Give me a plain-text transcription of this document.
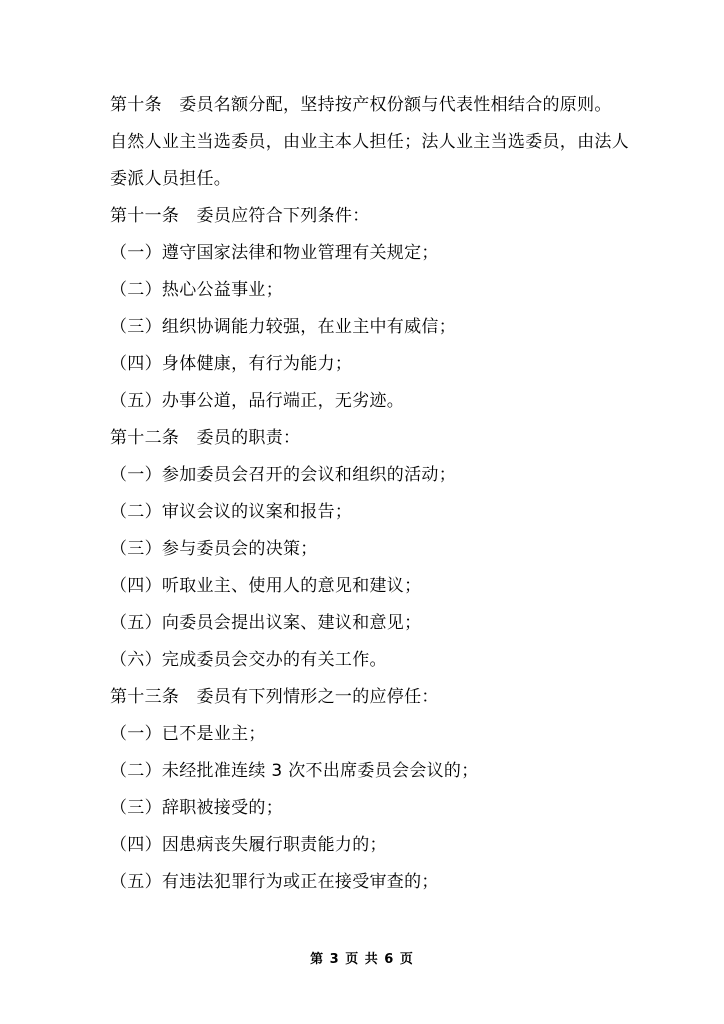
第十条　委员名额分配，坚持按产权份额与代表性相结合的原则。
自然人业主当选委员，由业主本人担任；法人业主当选委员，由法人
委派人员担任。
第十一条　委员应符合下列条件：
（一）遵守国家法律和物业管理有关规定；
（二）热心公益事业；
（三）组织协调能力较强，在业主中有威信；
（四）身体健康，有行为能力；
（五）办事公道，品行端正，无劣迹。
第十二条　委员的职责：
（一）参加委员会召开的会议和组织的活动；
（二）审议会议的议案和报告；
（三）参与委员会的决策；
（四）听取业主、使用人的意见和建议；
（五）向委员会提出议案、建议和意见；
（六）完成委员会交办的有关工作。
第十三条　委员有下列情形之一的应停任：
（一）已不是业主；
（二）未经批准连续 3 次不出席委员会会议的；
（三）辞职被接受的；
（四）因患病丧失履行职责能力的；
（五）有违法犯罪行为或正在接受审查的；
第 3 页 共 6 页
